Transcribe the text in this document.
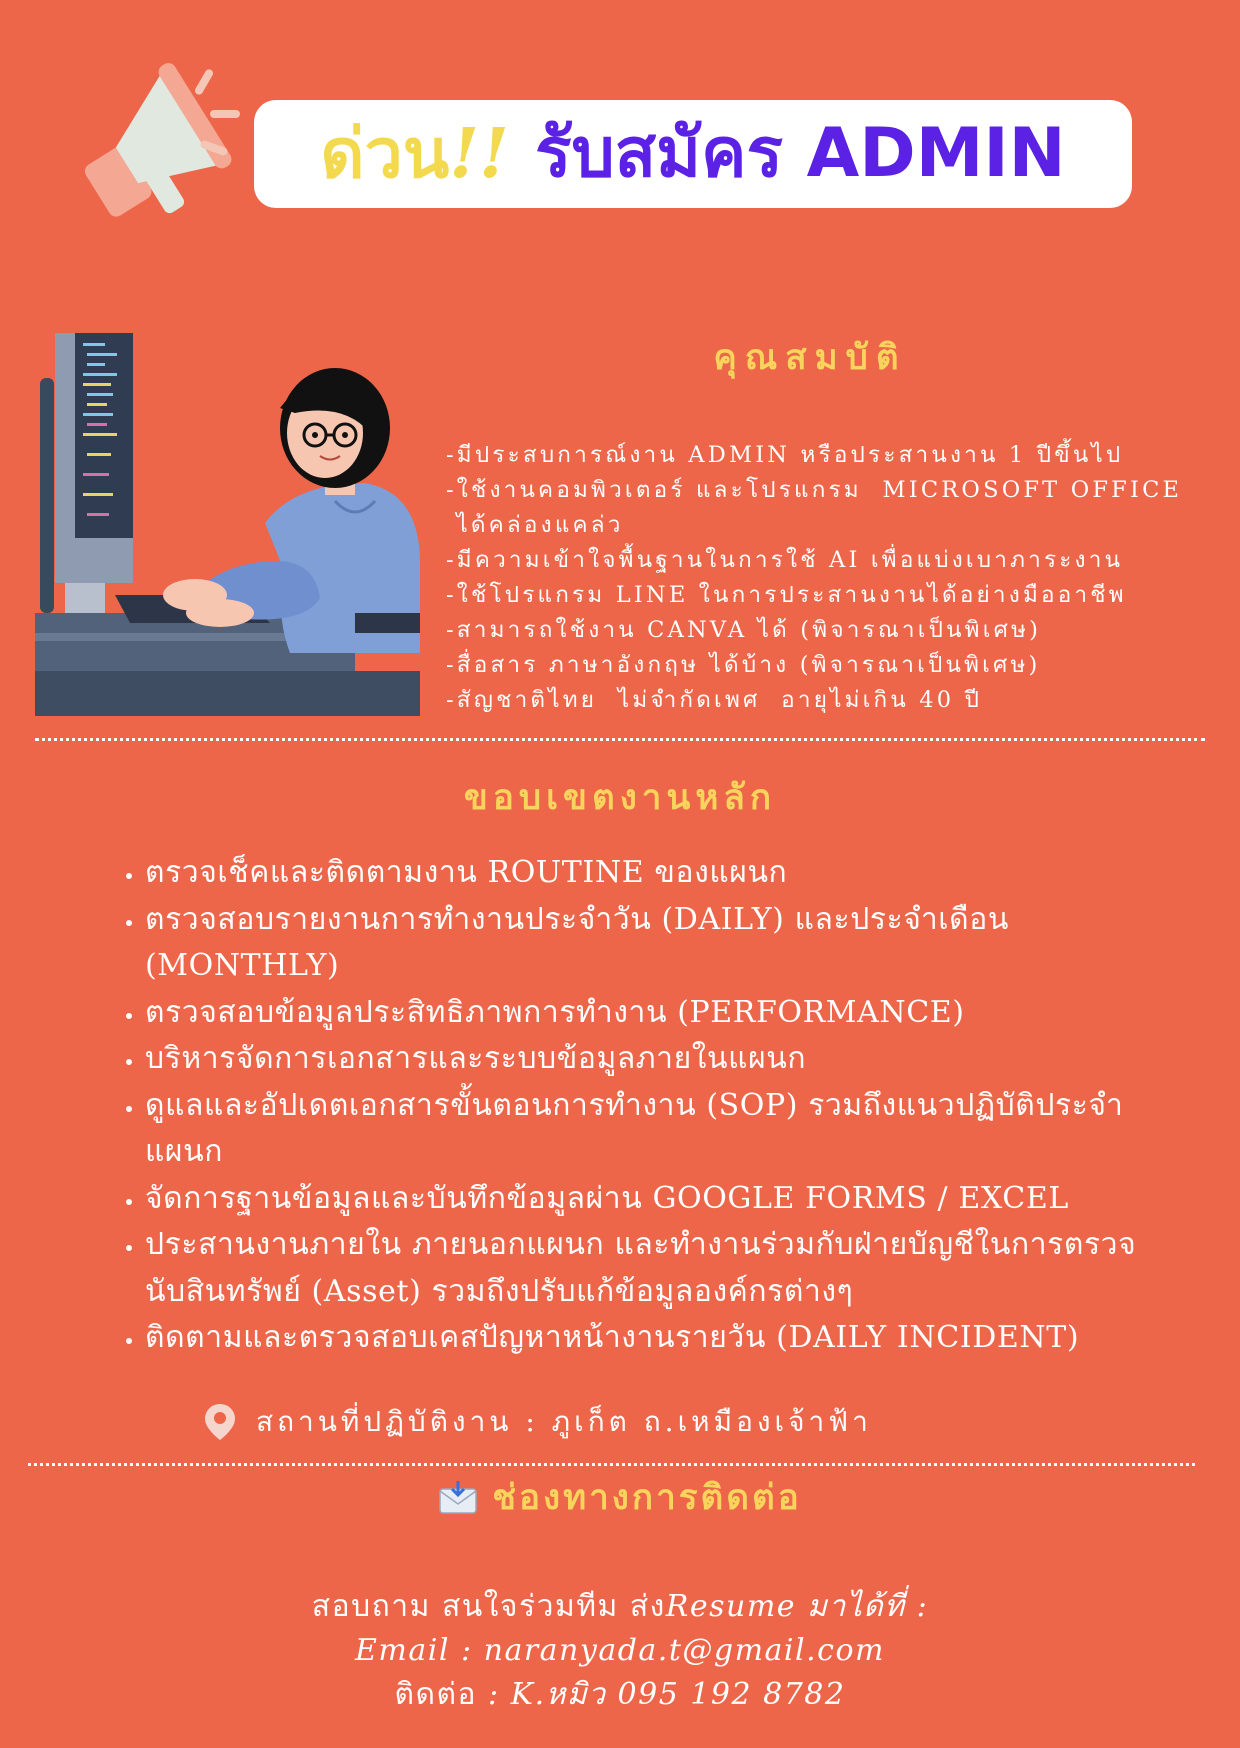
ด่วน!! รับสมัคร ADMIN
คุณสมบัติ
-มีประสบการณ์งาน ADMIN หรือประสานงาน 1 ปีขึ้นไป
-ใช้งานคอมพิวเตอร์ และโปรแกรม  MICROSOFT OFFICE
ได้คล่องแคล่ว
-มีความเข้าใจพื้นฐานในการใช้ AI เพื่อแบ่งเบาภาระงาน
-ใช้โปรแกรม LINE ในการประสานงานได้อย่างมืออาชีพ
-สามารถใช้งาน CANVA ได้ (พิจารณาเป็นพิเศษ)
-สื่อสาร ภาษาอังกฤษ ได้บ้าง (พิจารณาเป็นพิเศษ)
-สัญชาติไทย  ไม่จำกัดเพศ  อายุไม่เกิน 40 ปี
ขอบเขตงานหลัก
• ตรวจเช็คและติดตามงาน ROUTINE ของแผนก
• ตรวจสอบรายงานการทำงานประจำวัน (DAILY) และประจำเดือน (MONTHLY)
• ตรวจสอบข้อมูลประสิทธิภาพการทำงาน (PERFORMANCE)
• บริหารจัดการเอกสารและระบบข้อมูลภายในแผนก
• ดูแลและอัปเดตเอกสารขั้นตอนการทำงาน (SOP) รวมถึงแนวปฏิบัติประจำแผนก
• จัดการฐานข้อมูลและบันทึกข้อมูลผ่าน GOOGLE FORMS / EXCEL
• ประสานงานภายใน ภายนอกแผนก และทำงานร่วมกับฝ่ายบัญชีในการตรวจนับสินทรัพย์ (Asset) รวมถึงปรับแก้ข้อมูลองค์กรต่างๆ
• ติดตามและตรวจสอบเคสปัญหาหน้างานรายวัน (DAILY INCIDENT)
สถานที่ปฏิบัติงาน : ภูเก็ต ถ.เหมืองเจ้าฟ้า
ช่องทางการติดต่อ
สอบถาม สนใจร่วมทีม ส่งResume มาได้ที่ :
Email : naranyada.t@gmail.com
ติดต่อ : K.หมิว 095 192 8782
